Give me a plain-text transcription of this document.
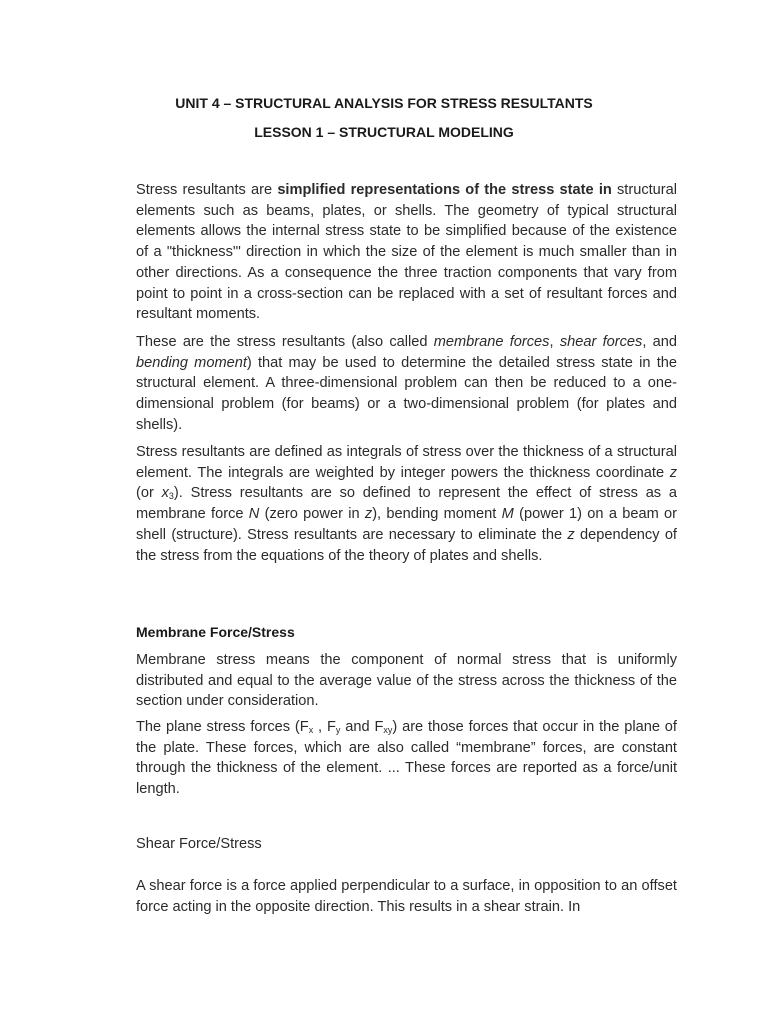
UNIT 4 – STRUCTURAL ANALYSIS FOR STRESS RESULTANTS
LESSON 1 – STRUCTURAL MODELING
Stress resultants are simplified representations of the stress state in structural elements such as beams, plates, or shells. The geometry of typical structural elements allows the internal stress state to be simplified because of the existence of a "thickness'" direction in which the size of the element is much smaller than in other directions. As a consequence the three traction components that vary from point to point in a cross-section can be replaced with a set of resultant forces and resultant moments.
These are the stress resultants (also called membrane forces, shear forces, and bending moment) that may be used to determine the detailed stress state in the structural element. A three-dimensional problem can then be reduced to a one-dimensional problem (for beams) or a two-dimensional problem (for plates and shells).
Stress resultants are defined as integrals of stress over the thickness of a structural element. The integrals are weighted by integer powers the thickness coordinate z (or $x_3$). Stress resultants are so defined to represent the effect of stress as a membrane force N (zero power in z), bending moment M (power 1) on a beam or shell (structure). Stress resultants are necessary to eliminate the z dependency of the stress from the equations of the theory of plates and shells.
Membrane Force/Stress
Membrane stress means the component of normal stress that is uniformly distributed and equal to the average value of the stress across the thickness of the section under consideration.
The plane stress forces ($F_x$ , $F_y$ and $F_{xy}$) are those forces that occur in the plane of the plate. These forces, which are also called “membrane” forces, are constant through the thickness of the element. ... These forces are reported as a force/unit length.
Shear Force/Stress
A shear force is a force applied perpendicular to a surface, in opposition to an offset force acting in the opposite direction. This results in a shear strain. In
